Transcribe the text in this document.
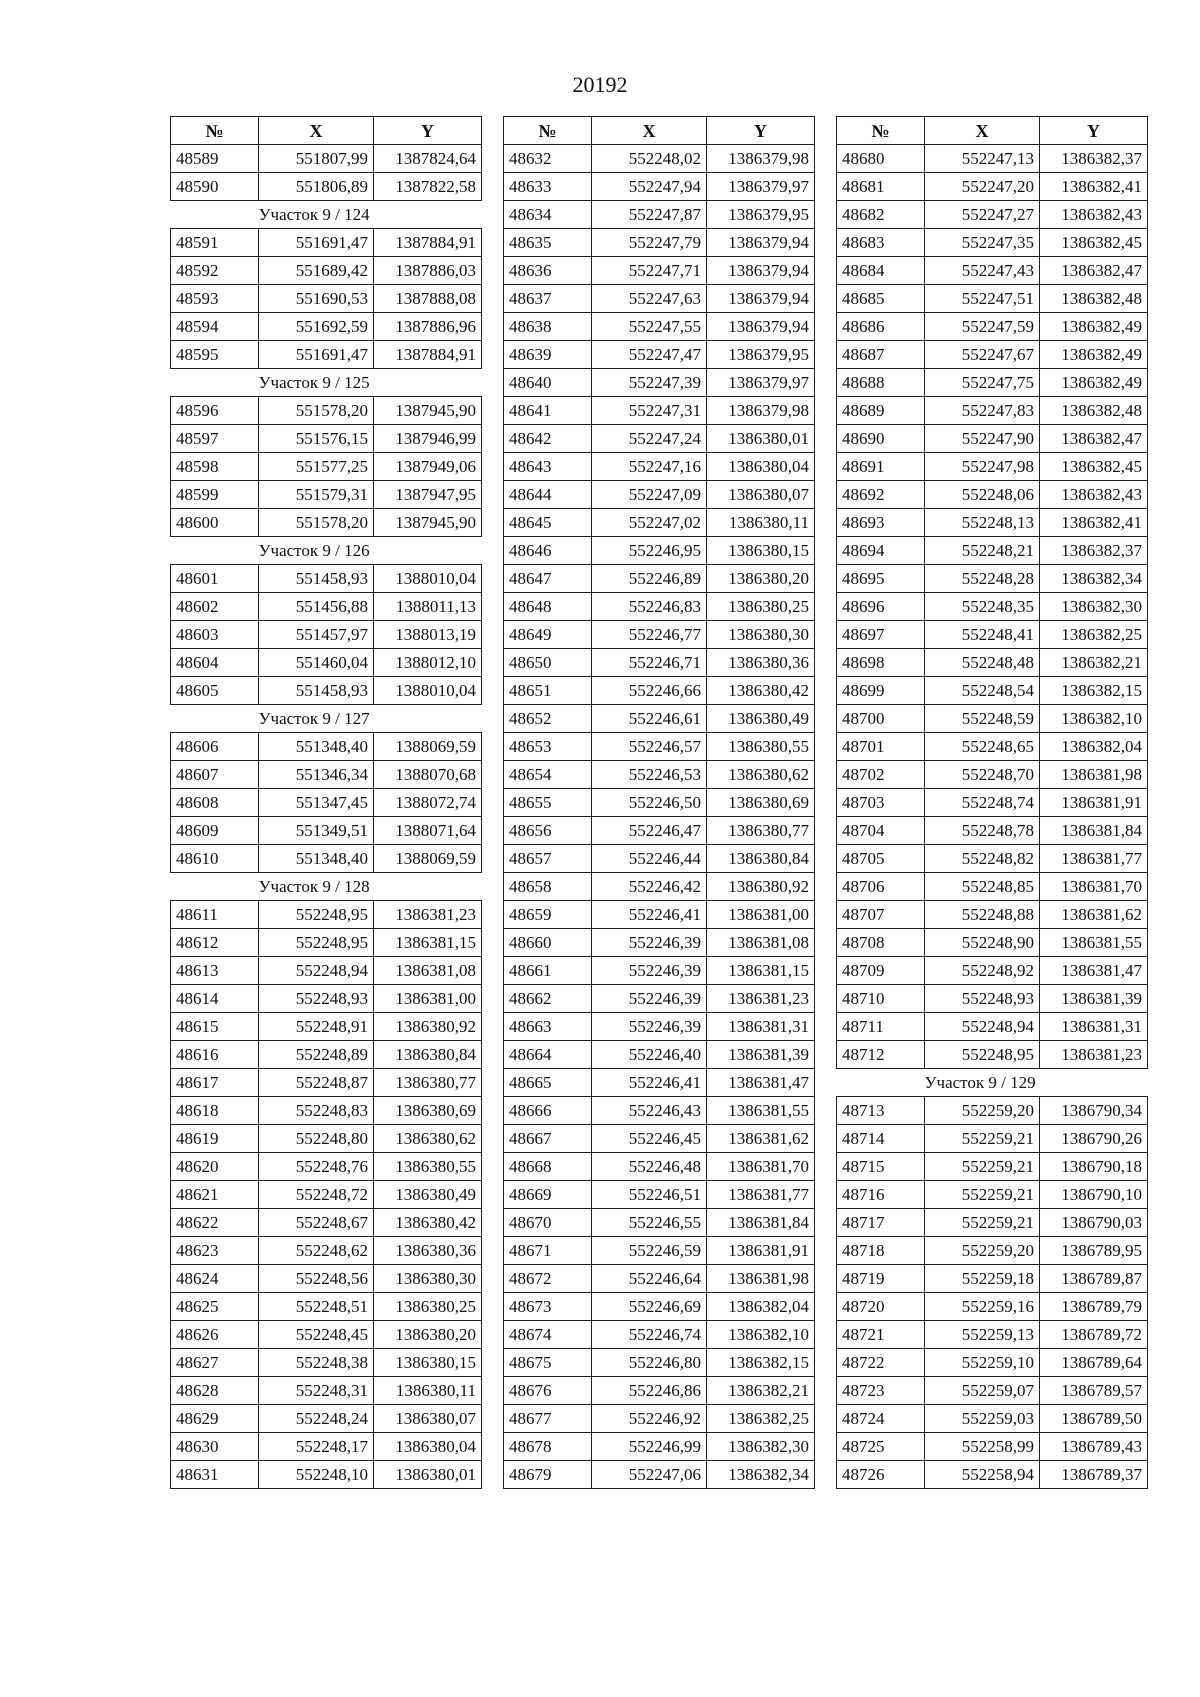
20192
№	X	Y
48589	551807,99	1387824,64
48590	551806,89	1387822,58
Участок 9 / 124		
48591	551691,47	1387884,91
48592	551689,42	1387886,03
48593	551690,53	1387888,08
48594	551692,59	1387886,96
48595	551691,47	1387884,91
Участок 9 / 125		
48596	551578,20	1387945,90
48597	551576,15	1387946,99
48598	551577,25	1387949,06
48599	551579,31	1387947,95
48600	551578,20	1387945,90
Участок 9 / 126		
48601	551458,93	1388010,04
48602	551456,88	1388011,13
48603	551457,97	1388013,19
48604	551460,04	1388012,10
48605	551458,93	1388010,04
Участок 9 / 127		
48606	551348,40	1388069,59
48607	551346,34	1388070,68
48608	551347,45	1388072,74
48609	551349,51	1388071,64
48610	551348,40	1388069,59
Участок 9 / 128		
48611	552248,95	1386381,23
48612	552248,95	1386381,15
48613	552248,94	1386381,08
48614	552248,93	1386381,00
48615	552248,91	1386380,92
48616	552248,89	1386380,84
48617	552248,87	1386380,77
48618	552248,83	1386380,69
48619	552248,80	1386380,62
48620	552248,76	1386380,55
48621	552248,72	1386380,49
48622	552248,67	1386380,42
48623	552248,62	1386380,36
48624	552248,56	1386380,30
48625	552248,51	1386380,25
48626	552248,45	1386380,20
48627	552248,38	1386380,15
48628	552248,31	1386380,11
48629	552248,24	1386380,07
48630	552248,17	1386380,04
48631	552248,10	1386380,01
№	X	Y
48632	552248,02	1386379,98
48633	552247,94	1386379,97
48634	552247,87	1386379,95
48635	552247,79	1386379,94
48636	552247,71	1386379,94
48637	552247,63	1386379,94
48638	552247,55	1386379,94
48639	552247,47	1386379,95
48640	552247,39	1386379,97
48641	552247,31	1386379,98
48642	552247,24	1386380,01
48643	552247,16	1386380,04
48644	552247,09	1386380,07
48645	552247,02	1386380,11
48646	552246,95	1386380,15
48647	552246,89	1386380,20
48648	552246,83	1386380,25
48649	552246,77	1386380,30
48650	552246,71	1386380,36
48651	552246,66	1386380,42
48652	552246,61	1386380,49
48653	552246,57	1386380,55
48654	552246,53	1386380,62
48655	552246,50	1386380,69
48656	552246,47	1386380,77
48657	552246,44	1386380,84
48658	552246,42	1386380,92
48659	552246,41	1386381,00
48660	552246,39	1386381,08
48661	552246,39	1386381,15
48662	552246,39	1386381,23
48663	552246,39	1386381,31
48664	552246,40	1386381,39
48665	552246,41	1386381,47
48666	552246,43	1386381,55
48667	552246,45	1386381,62
48668	552246,48	1386381,70
48669	552246,51	1386381,77
48670	552246,55	1386381,84
48671	552246,59	1386381,91
48672	552246,64	1386381,98
48673	552246,69	1386382,04
48674	552246,74	1386382,10
48675	552246,80	1386382,15
48676	552246,86	1386382,21
48677	552246,92	1386382,25
48678	552246,99	1386382,30
48679	552247,06	1386382,34
№	X	Y
48680	552247,13	1386382,37
48681	552247,20	1386382,41
48682	552247,27	1386382,43
48683	552247,35	1386382,45
48684	552247,43	1386382,47
48685	552247,51	1386382,48
48686	552247,59	1386382,49
48687	552247,67	1386382,49
48688	552247,75	1386382,49
48689	552247,83	1386382,48
48690	552247,90	1386382,47
48691	552247,98	1386382,45
48692	552248,06	1386382,43
48693	552248,13	1386382,41
48694	552248,21	1386382,37
48695	552248,28	1386382,34
48696	552248,35	1386382,30
48697	552248,41	1386382,25
48698	552248,48	1386382,21
48699	552248,54	1386382,15
48700	552248,59	1386382,10
48701	552248,65	1386382,04
48702	552248,70	1386381,98
48703	552248,74	1386381,91
48704	552248,78	1386381,84
48705	552248,82	1386381,77
48706	552248,85	1386381,70
48707	552248,88	1386381,62
48708	552248,90	1386381,55
48709	552248,92	1386381,47
48710	552248,93	1386381,39
48711	552248,94	1386381,31
48712	552248,95	1386381,23
Участок 9 / 129		
48713	552259,20	1386790,34
48714	552259,21	1386790,26
48715	552259,21	1386790,18
48716	552259,21	1386790,10
48717	552259,21	1386790,03
48718	552259,20	1386789,95
48719	552259,18	1386789,87
48720	552259,16	1386789,79
48721	552259,13	1386789,72
48722	552259,10	1386789,64
48723	552259,07	1386789,57
48724	552259,03	1386789,50
48725	552258,99	1386789,43
48726	552258,94	1386789,37
